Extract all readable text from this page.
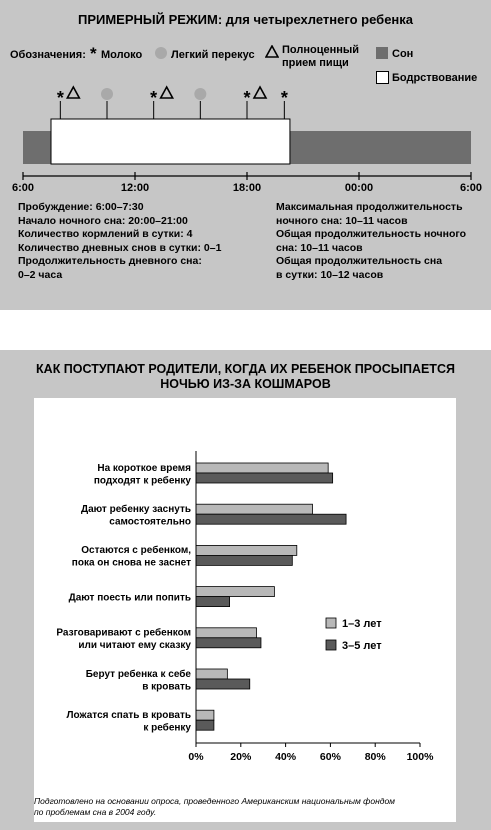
ПРИМЕРНЫЙ РЕЖИМ: для четырехлетнего ребенка
Обозначения: * Молоко	Легкий перекус Полноценный
прием пищи
Сон
Бодрствование
6:00	12:00	18:00	00:00	6:00
*	*	* *
Пробуждение: 6:00–7:30
Начало ночного сна: 20:00–21:00
Количество кормлений в сутки: 4
Количество дневных снов в сутки: 0–1
Продолжительность дневного сна:
0–2 часа
Максимальная продолжительность
ночного сна: 10–11 часов
Общая продолжительность ночного
сна: 10–11 часов
Общая продолжительность сна
в сутки: 10–12 часов
КАК ПОСТУПАЮТ РОДИТЕЛИ, КОГДА ИХ РЕБЕНОК ПРОСЫПАЕТСЯ
НОЧЬЮ ИЗ-ЗА КОШМАРОВ
На короткое время
подходят к ребенку
Дают ребенку заснуть
самостоятельно
Остаются с ребенком,
пока он снова не заснет
Дают поесть или попить
Разговаривают с ребенком
или читают ему сказку
Берут ребенка к себе
в кровать
Ложатся спать в кровать
к ребенку
0%	20% 40% 60% 80% 100%
1–3 лет
3–5 лет
Подготовлено на основании опроса, проведенного Американским национальным фондом
по проблемам сна в 2004 году.
